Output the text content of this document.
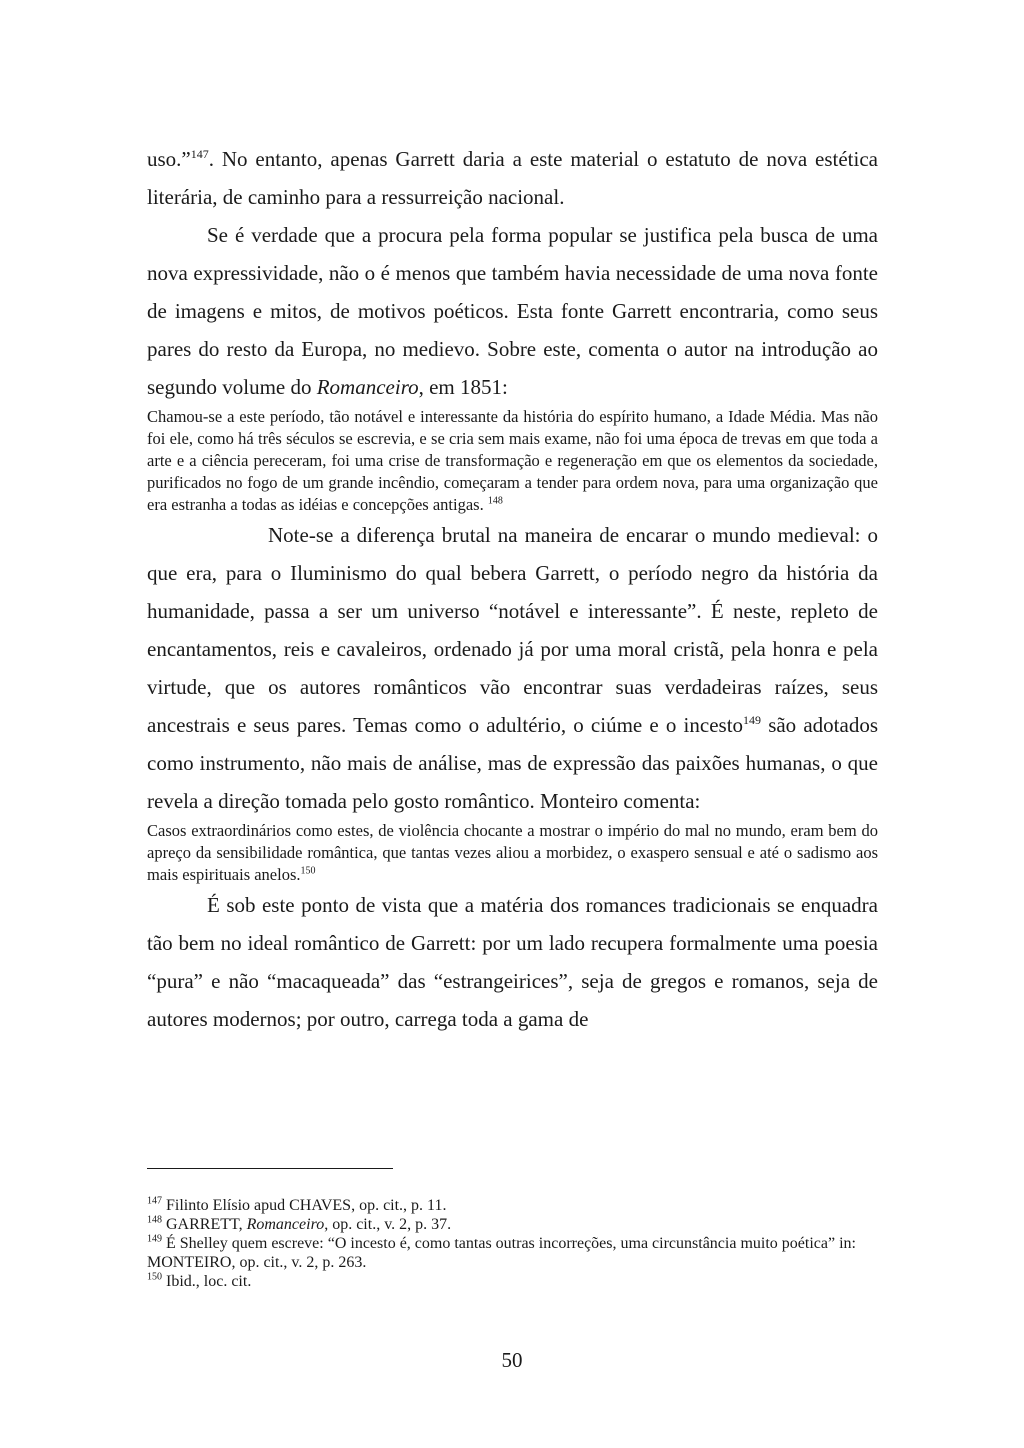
uso.”$^{147}$. No entanto, apenas Garrett daria a este material o estatuto de nova estética literária, de caminho para a ressurreição nacional.

Se é verdade que a procura pela forma popular se justifica pela busca de uma nova expressividade, não o é menos que também havia necessidade de uma nova fonte de imagens e mitos, de motivos poéticos. Esta fonte Garrett encontraria, como seus pares do resto da Europa, no medievo. Sobre este, comenta o autor na introdução ao segundo volume do Romanceiro, em 1851:

Chamou-se a este período, tão notável e interessante da história do espírito humano, a Idade Média. Mas não foi ele, como há três séculos se escrevia, e se cria sem mais exame, não foi uma época de trevas em que toda a arte e a ciência pereceram, foi uma crise de transformação e regeneração em que os elementos da sociedade, purificados no fogo de um grande incêndio, começaram a tender para ordem nova, para uma organização que era estranha a todas as idéias e concepções antigas. $^{148}$

Note-se a diferença brutal na maneira de encarar o mundo medieval: o que era, para o Iluminismo do qual bebera Garrett, o período negro da história da humanidade, passa a ser um universo “notável e interessante”. É neste, repleto de encantamentos, reis e cavaleiros, ordenado já por uma moral cristã, pela honra e pela virtude, que os autores românticos vão encontrar suas verdadeiras raízes, seus ancestrais e seus pares. Temas como o adultério, o ciúme e o incesto$^{149}$ são adotados como instrumento, não mais de análise, mas de expressão das paixões humanas, o que revela a direção tomada pelo gosto romântico. Monteiro comenta:

Casos extraordinários como estes, de violência chocante a mostrar o império do mal no mundo, eram bem do apreço da sensibilidade romântica, que tantas vezes aliou a morbidez, o exaspero sensual e até o sadismo aos mais espirituais anelos.$^{150}$

É sob este ponto de vista que a matéria dos romances tradicionais se enquadra tão bem no ideal romântico de Garrett: por um lado recupera formalmente uma poesia “pura” e não “macaqueada” das “estrangeirices”, seja de gregos e romanos, seja de autores modernos; por outro, carrega toda a gama de

$^{147}$ Filinto Elísio apud CHAVES, op. cit., p. 11.

$^{148}$ GARRETT, Romanceiro, op. cit., v. 2, p. 37.

$^{149}$ É Shelley quem escreve: “O incesto é, como tantas outras incorreções, uma circunstância muito poética” in: MONTEIRO, op. cit., v. 2, p. 263.

$^{150}$ Ibid., loc. cit.

50
